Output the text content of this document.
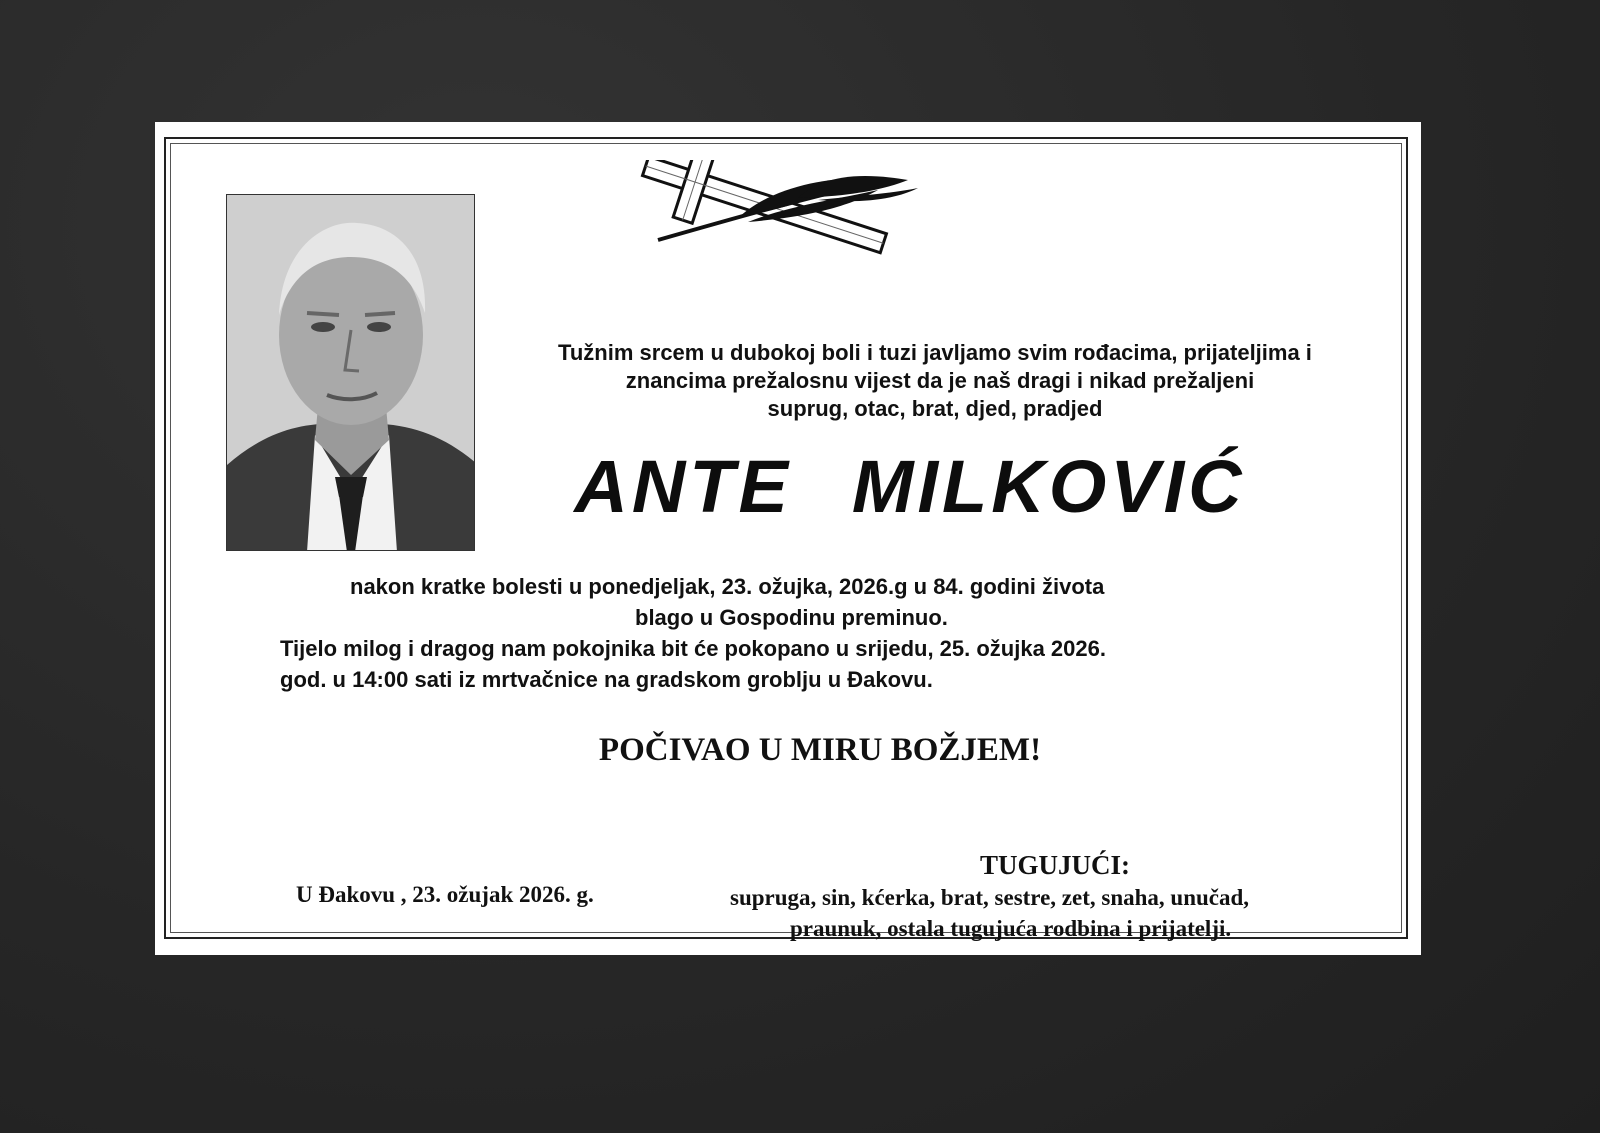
Tužnim srcem u dubokoj boli i tuzi javljamo svim rođacima, prijateljima i
znancima prežalosnu vijest da je naš dragi i nikad prežaljeni
suprug, otac, brat, djed, pradjed
ANTE MILKOVIĆ
nakon kratke bolesti u ponedjeljak, 23. ožujka, 2026.g u 84. godini života
blago u Gospodinu preminuo.
Tijelo milog i dragog nam pokojnika bit će pokopano u srijedu, 25. ožujka 2026.
god. u 14:00 sati iz mrtvačnice na gradskom groblju u Đakovu.
POČIVAO U MIRU BOŽJEM!
TUGUJUĆI:
U Đakovu , 23. ožujak 2026. g.	supruga, sin, kćerka, brat, sestre, zet, snaha, unučad,
praunuk, ostala tugujuća rodbina i prijatelji.
